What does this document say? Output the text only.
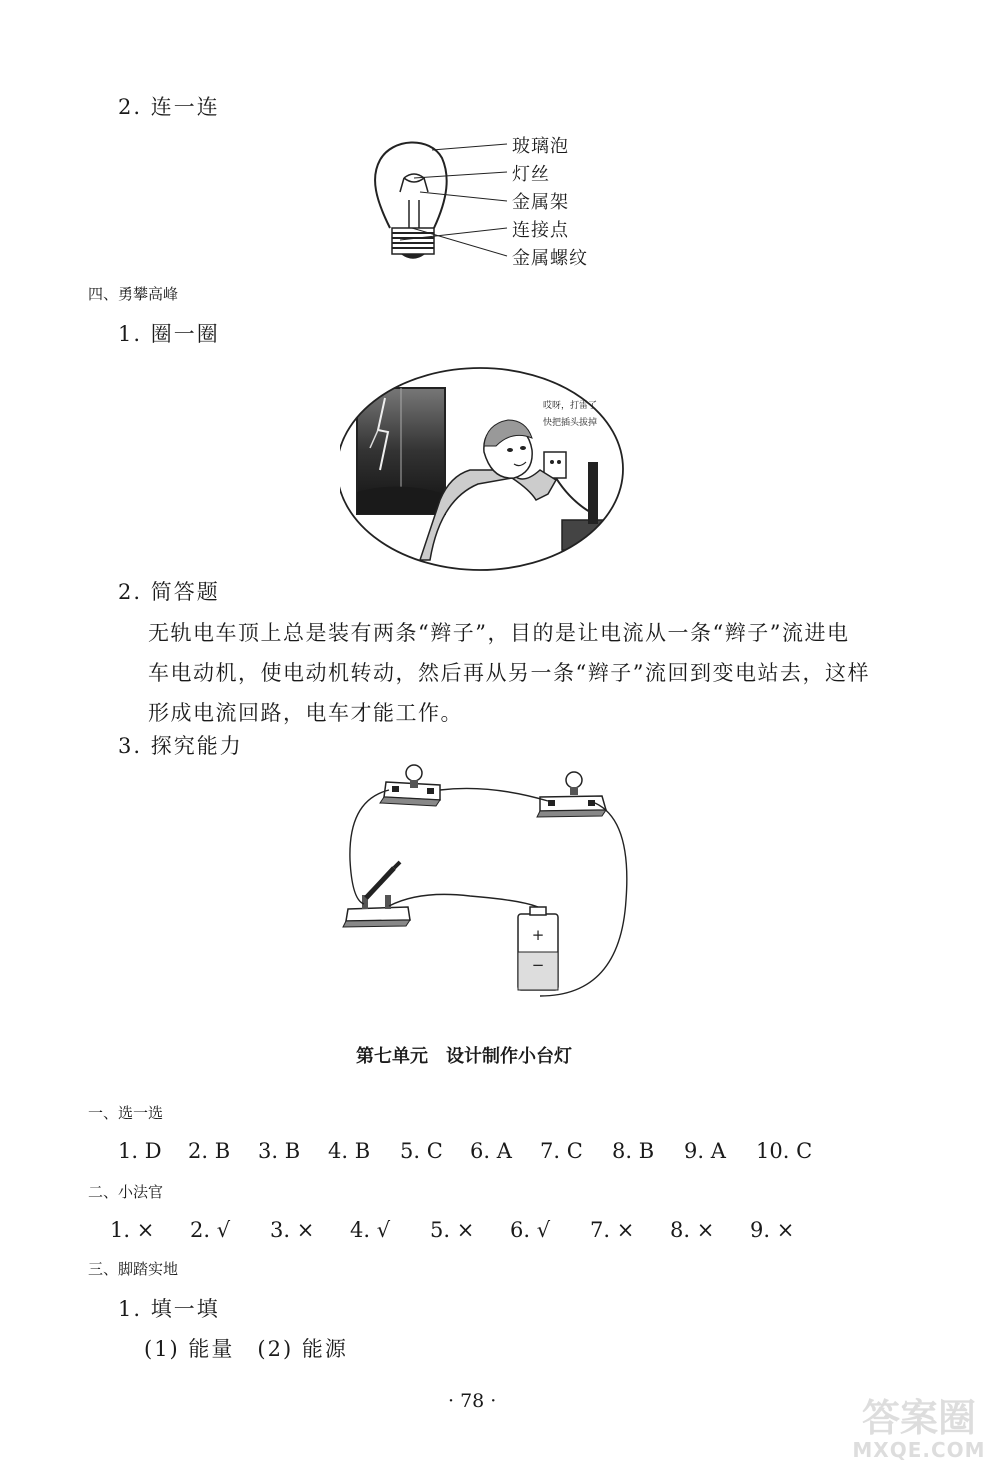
2. 连一连
玻璃泡
灯丝
金属架
连接点
金属螺纹
四、勇攀高峰
1. 圈一圈
哎呀，打雷了
快把插头拔掉
2. 简答题
无轨电车顶上总是装有两条“辫子”，目的是让电流从一条“辫子”流进电
车电动机，使电动机转动，然后再从另一条“辫子”流回到变电站去，这样
形成电流回路，电车才能工作。
3. 探究能力
+
−
第七单元　设计制作小台灯
一、选一选
1. D	2. B	3. B	4. B	5. C	6. A	7. C	8. B	9. A	10. C
二、小法官
1. ×	2. √	3. ×	4. √	5. ×	6. √	7. ×	8. ×	9. ×
三、脚踏实地
1. 填一填
(1) 能量　(2) 能源
· 78 ·	答案圈
MXQE.COM
